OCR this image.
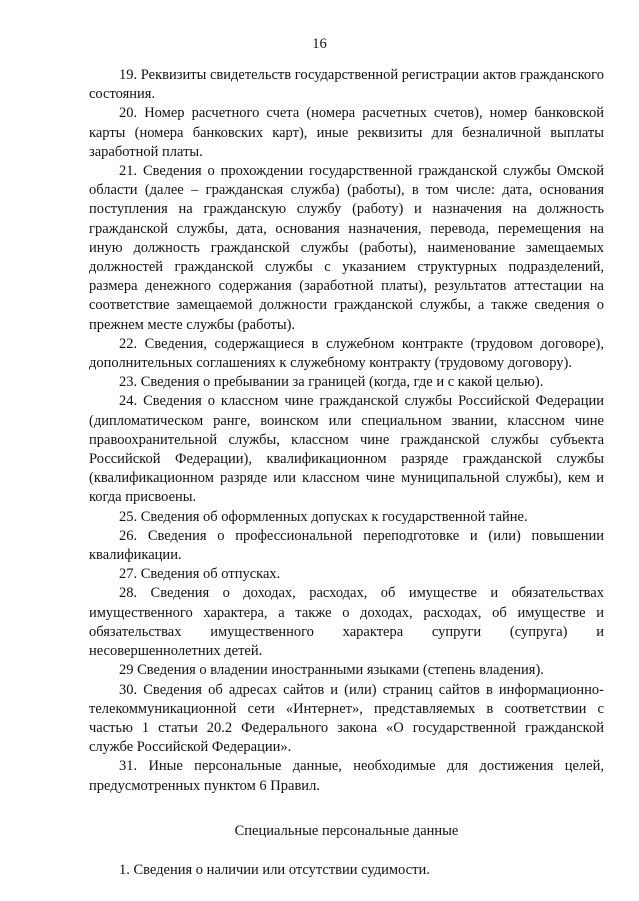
16

19. Реквизиты свидетельств государственной регистрации актов гражданского состояния.

20. Номер расчетного счета (номера расчетных счетов), номер банковской карты (номера банковских карт), иные реквизиты для безналичной выплаты заработной платы.

21. Сведения о прохождении государственной гражданской службы Омской области (далее – гражданская служба) (работы), в том числе: дата, основания поступления на гражданскую службу (работу) и назначения на должность гражданской службы, дата, основания назначения, перевода, перемещения на иную должность гражданской службы (работы), наименование замещаемых должностей гражданской службы с указанием структурных подразделений, размера денежного содержания (заработной платы), результатов аттестации на соответствие замещаемой должности гражданской службы, а также сведения о прежнем месте службы (работы).

22. Сведения, содержащиеся в служебном контракте (трудовом договоре), дополнительных соглашениях к служебному контракту (трудовому договору).

23. Сведения о пребывании за границей (когда, где и с какой целью).

24. Сведения о классном чине гражданской службы Российской Федерации (дипломатическом ранге, воинском или специальном звании, классном чине правоохранительной службы, классном чине гражданской службы субъекта Российской Федерации), квалификационном разряде гражданской службы (квалификационном разряде или классном чине муниципальной службы), кем и когда присвоены.

25. Сведения об оформленных допусках к государственной тайне.

26. Сведения о профессиональной переподготовке и (или) повышении квалификации.

27. Сведения об отпусках.

28. Сведения о доходах, расходах, об имуществе и обязательствах имущественного характера, а также о доходах, расходах, об имуществе и обязательствах имущественного характера супруги (супруга) и несовершеннолетних детей.

29 Сведения о владении иностранными языками (степень владения).

30. Сведения об адресах сайтов и (или) страниц сайтов в информационно-телекоммуникационной сети «Интернет», представляемых в соответствии с частью 1 статьи 20.2 Федерального закона «О государственной гражданской службе Российской Федерации».

31. Иные персональные данные, необходимые для достижения целей, предусмотренных пунктом 6 Правил.

Специальные персональные данные

1. Сведения о наличии или отсутствии судимости.
